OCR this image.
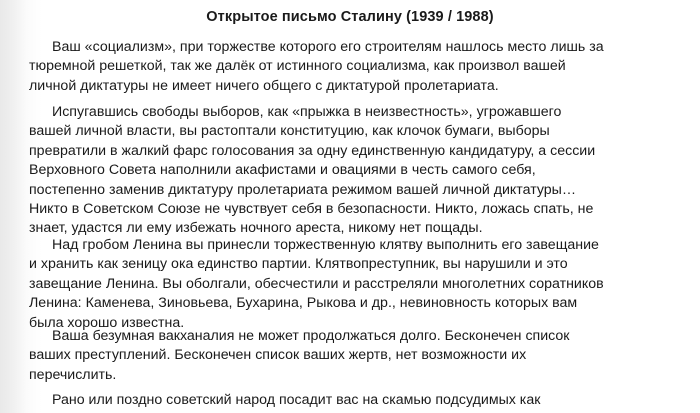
Открытое письмо Сталину (1939 / 1988)
Ваш «социализм», при торжестве которого его строителям нашлось место лишь за
тюремной решеткой, так же далёк от истинного социализма, как произвол вашей
личной диктатуры не имеет ничего общего с диктатурой пролетариата.
Испугавшись свободы выборов, как «прыжка в неизвестность», угрожавшего
вашей личной власти, вы растоптали конституцию, как клочок бумаги, выборы
превратили в жалкий фарс голосования за одну единственную кандидатуру, а сессии
Верховного Совета наполнили акафистами и овациями в честь самого себя,
постепенно заменив диктатуру пролетариата режимом вашей личной диктатуры…
Никто в Советском Союзе не чувствует себя в безопасности. Никто, ложась спать, не
знает, удастся ли ему избежать ночного ареста, никому нет пощады.
Над гробом Ленина вы принесли торжественную клятву выполнить его завещание
и хранить как зеницу ока единство партии. Клятвопреступник, вы нарушили и это
завещание Ленина. Вы оболгали, обесчестили и расстреляли многолетних соратников
Ленина: Каменева, Зиновьева, Бухарина, Рыкова и др., невиновность которых вам
была хорошо известна.
Ваша безумная вакханалия не может продолжаться долго. Бесконечен список
ваших преступлений. Бесконечен список ваших жертв, нет возможности их
перечислить.
Рано или поздно советский народ посадит вас на скамью подсудимых как
